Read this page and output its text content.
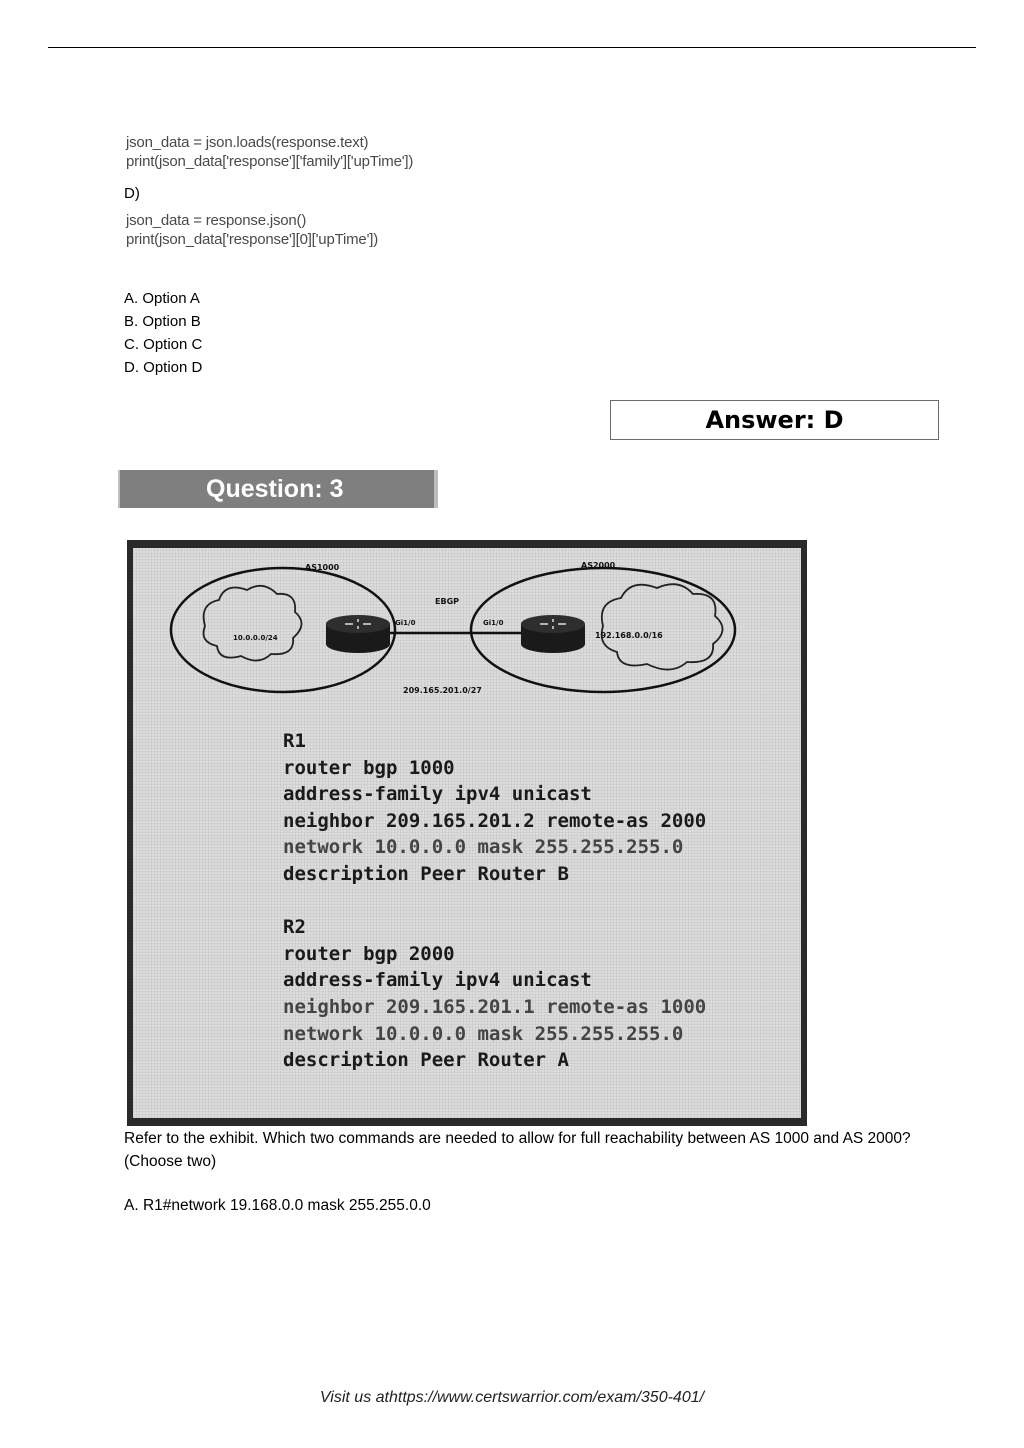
json_data = json.loads(response.text)
print(json_data['response']['family']['upTime'])
D)
json_data = response.json()
print(json_data['response'][0]['upTime'])
A. Option A
B. Option B
C. Option C
D. Option D
Answer: D
Question: 3
AS1000	AS2000
EBGP
10.0.0.0/24	192.168.0.0/16
Gi1/0	Gi1/0
209.165.201.0/27
R1
router bgp 1000
address-family ipv4 unicast
neighbor 209.165.201.2 remote-as 2000
network 10.0.0.0 mask 255.255.255.0
description Peer Router B

R2
router bgp 2000
address-family ipv4 unicast
neighbor 209.165.201.1 remote-as 1000
network 10.0.0.0 mask 255.255.255.0
description Peer Router A
Refer to the exhibit. Which two commands are needed to allow for full reachability between AS 1000 and AS 2000? (Choose two)
A. R1#network 19.168.0.0 mask 255.255.0.0
Visit us athttps://www.certswarrior.com/exam/350-401/
